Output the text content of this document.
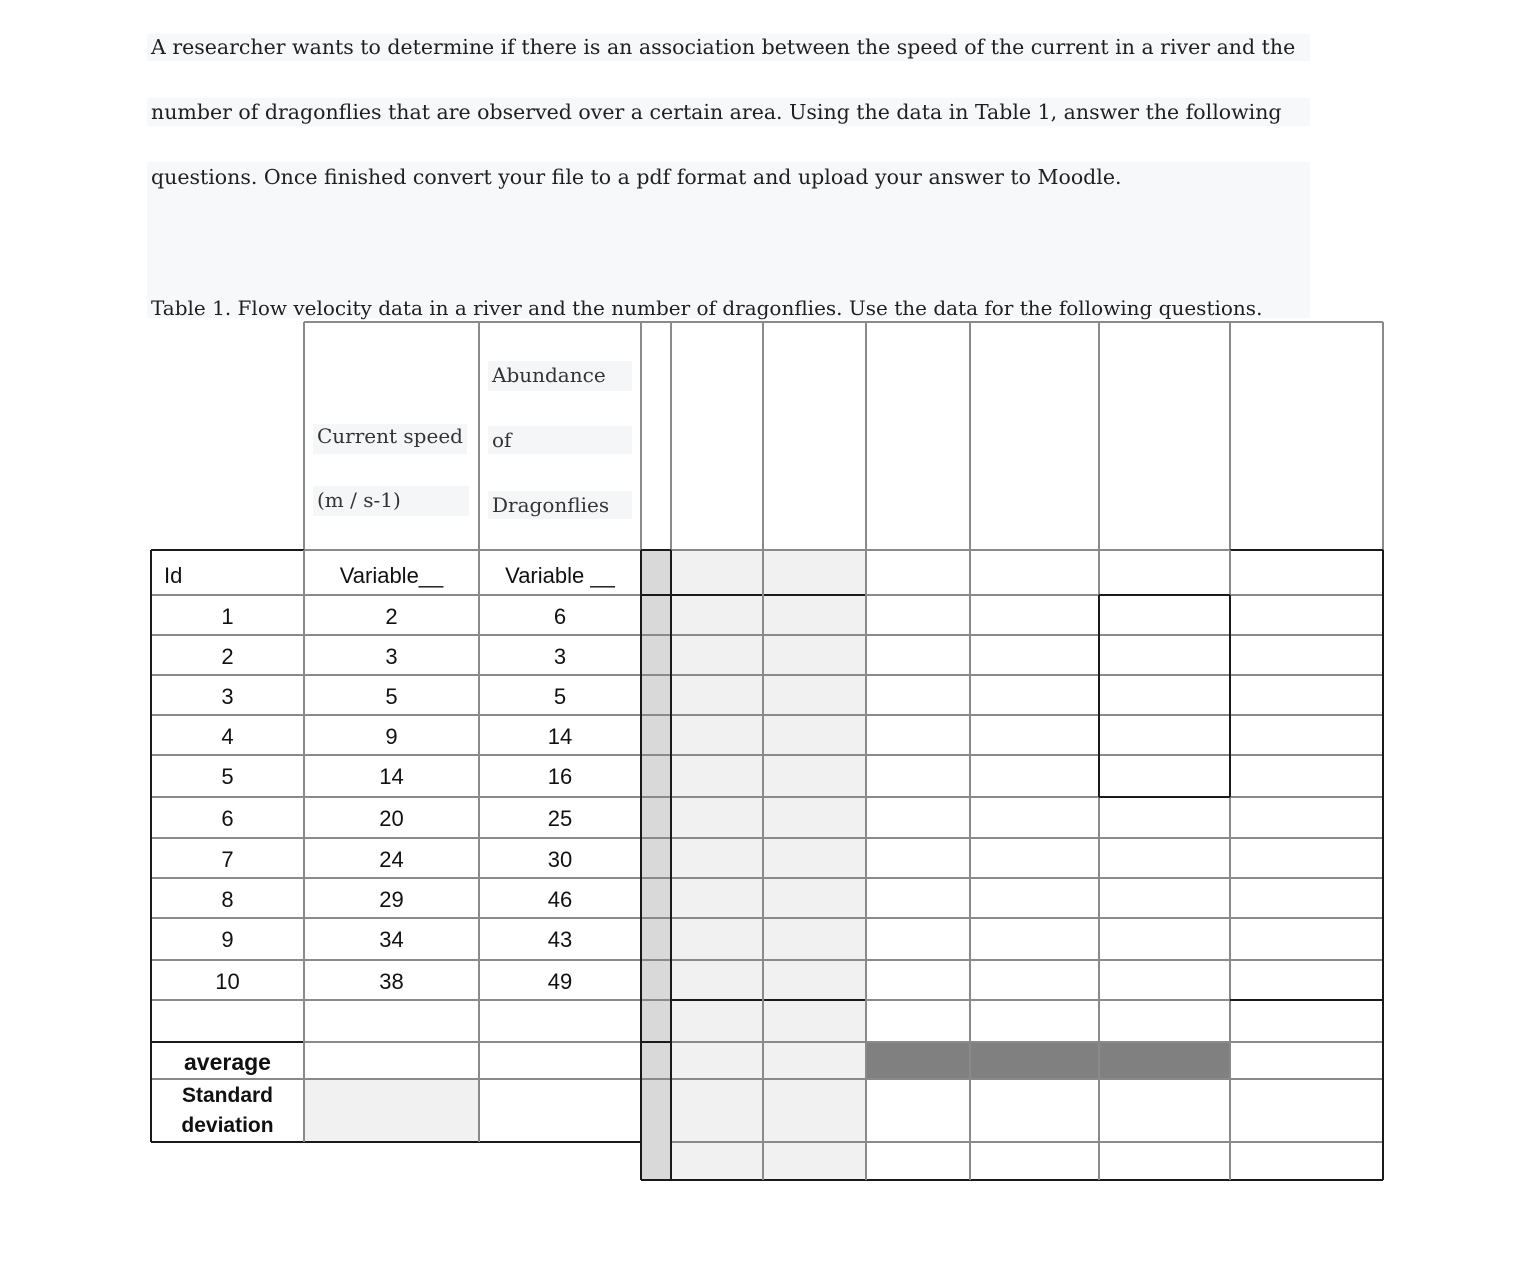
A researcher wants to determine if there is an association between the speed of the current in a river and the
number of dragonflies that are observed over a certain area. Using the data in Table 1, answer the following
questions. Once finished convert your file to a pdf format and upload your answer to Moodle.
Table 1. Flow velocity data in a river and the number of dragonflies. Use the data for the following questions.
Current speed
(m / s-1)
Abundance
of
Dragonflies
Id	Variable__	Variable __
1	2	6
2	3	3
3	5	5
4	9	14
5	14	16
6	20	25
7	24	30
8	29	46
9	34	43
10	38	49
average
Standard
deviation
